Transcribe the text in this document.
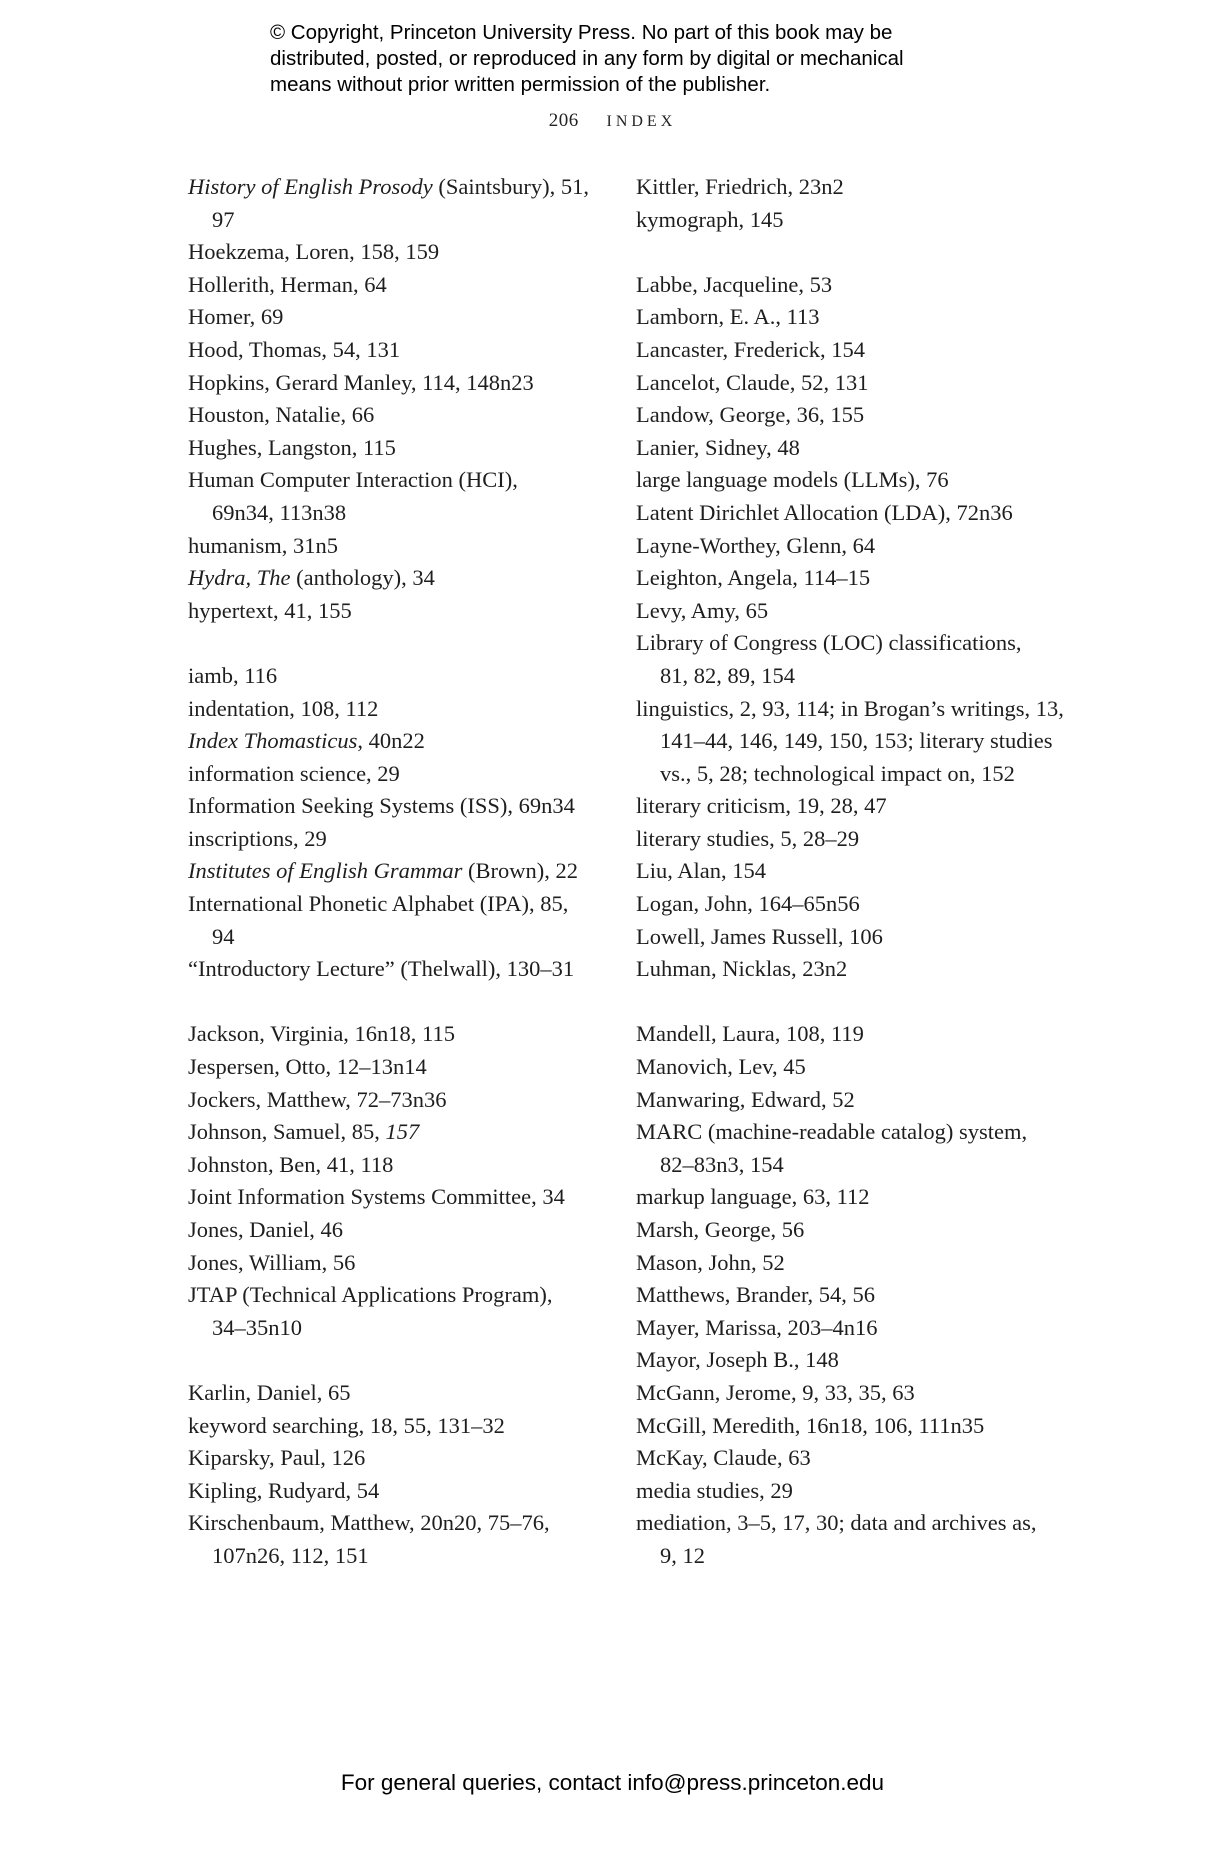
© Copyright, Princeton University Press. No part of this book may be
distributed, posted, or reproduced in any form by digital or mechanical
means without prior written permission of the publisher.
206 INDEX
History of English Prosody (Saintsbury), 51,
97
Hoekzema, Loren, 158, 159
Hollerith, Herman, 64
Homer, 69
Hood, Thomas, 54, 131
Hopkins, Gerard Manley, 114, 148n23
Houston, Natalie, 66
Hughes, Langston, 115
Human Computer Interaction (HCI),
69n34, 113n38
humanism, 31n5
Hydra, The (anthology), 34
hypertext, 41, 155
iamb, 116
indentation, 108, 112
Index Thomasticus, 40n22
information science, 29
Information Seeking Systems (ISS), 69n34
inscriptions, 29
Institutes of English Grammar (Brown), 22
International Phonetic Alphabet (IPA), 85,
94
“Introductory Lecture” (Thelwall), 130–31
Jackson, Virginia, 16n18, 115
Jespersen, Otto, 12–13n14
Jockers, Matthew, 72–73n36
Johnson, Samuel, 85, 157
Johnston, Ben, 41, 118
Joint Information Systems Committee, 34
Jones, Daniel, 46
Jones, William, 56
JTAP (Technical Applications Program),
34–35n10
Karlin, Daniel, 65
keyword searching, 18, 55, 131–32
Kiparsky, Paul, 126
Kipling, Rudyard, 54
Kirschenbaum, Matthew, 20n20, 75–76,
107n26, 112, 151
Kittler, Friedrich, 23n2
kymograph, 145
Labbe, Jacqueline, 53
Lamborn, E. A., 113
Lancaster, Frederick, 154
Lancelot, Claude, 52, 131
Landow, George, 36, 155
Lanier, Sidney, 48
large language models (LLMs), 76
Latent Dirichlet Allocation (LDA), 72n36
Layne-Worthey, Glenn, 64
Leighton, Angela, 114–15
Levy, Amy, 65
Library of Congress (LOC) classifications,
81, 82, 89, 154
linguistics, 2, 93, 114; in Brogan’s writings, 13,
141–44, 146, 149, 150, 153; literary studies
vs., 5, 28; technological impact on, 152
literary criticism, 19, 28, 47
literary studies, 5, 28–29
Liu, Alan, 154
Logan, John, 164–65n56
Lowell, James Russell, 106
Luhman, Nicklas, 23n2
Mandell, Laura, 108, 119
Manovich, Lev, 45
Manwaring, Edward, 52
MARC (machine-readable catalog) system,
82–83n3, 154
markup language, 63, 112
Marsh, George, 56
Mason, John, 52
Matthews, Brander, 54, 56
Mayer, Marissa, 203–4n16
Mayor, Joseph B., 148
McGann, Jerome, 9, 33, 35, 63
McGill, Meredith, 16n18, 106, 111n35
McKay, Claude, 63
media studies, 29
mediation, 3–5, 17, 30; data and archives as,
9, 12
For general queries, contact info@press.princeton.edu
